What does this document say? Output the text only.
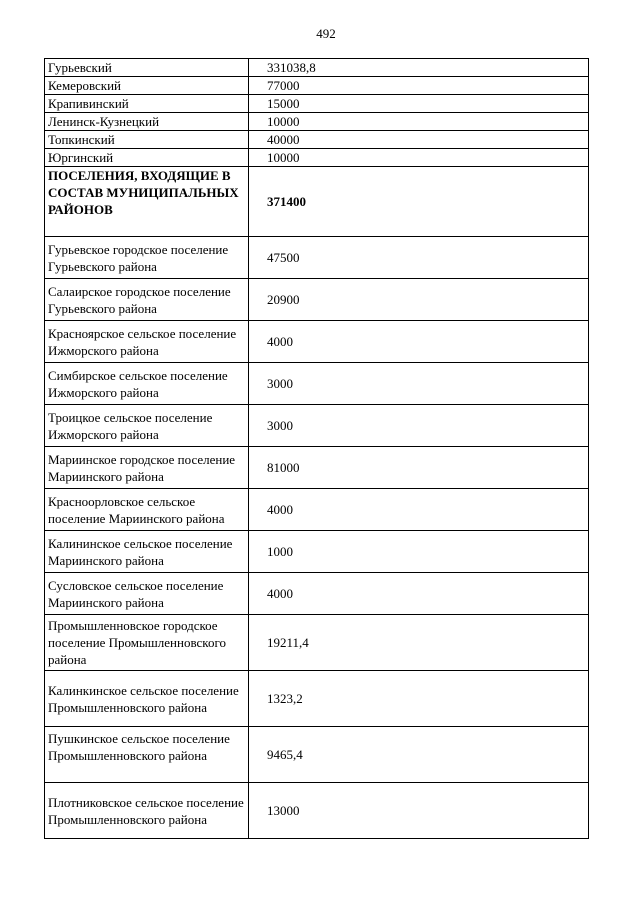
492
Гурьевский	331038,8
Кемеровский	77000
Крапивинский	15000
Ленинск-Кузнецкий	10000
Топкинский	40000
Юргинский	10000
ПОСЕЛЕНИЯ, ВХОДЯЩИЕ В СОСТАВ МУНИЦИПАЛЬНЫХ РАЙОНОВ	371400
Гурьевское городское поселение Гурьевского района	47500
Салаирское городское поселение Гурьевского района	20900
Красноярское сельское поселение Ижморского района	4000
Симбирское сельское поселение Ижморского района	3000
Троицкое сельское поселение Ижморского района	3000
Мариинское городское поселение Мариинского района	81000
Красноорловское сельское поселение Мариинского района	4000
Калининское сельское поселение Мариинского района	1000
Сусловское сельское поселение Мариинского района	4000
Промышленновское городское поселение Промышленновского района	19211,4
Калинкинское сельское поселение Промышленновского района	1323,2
Пушкинское сельское поселение Промышленновского района	9465,4
Плотниковское сельское поселение Промышленновского района	13000
